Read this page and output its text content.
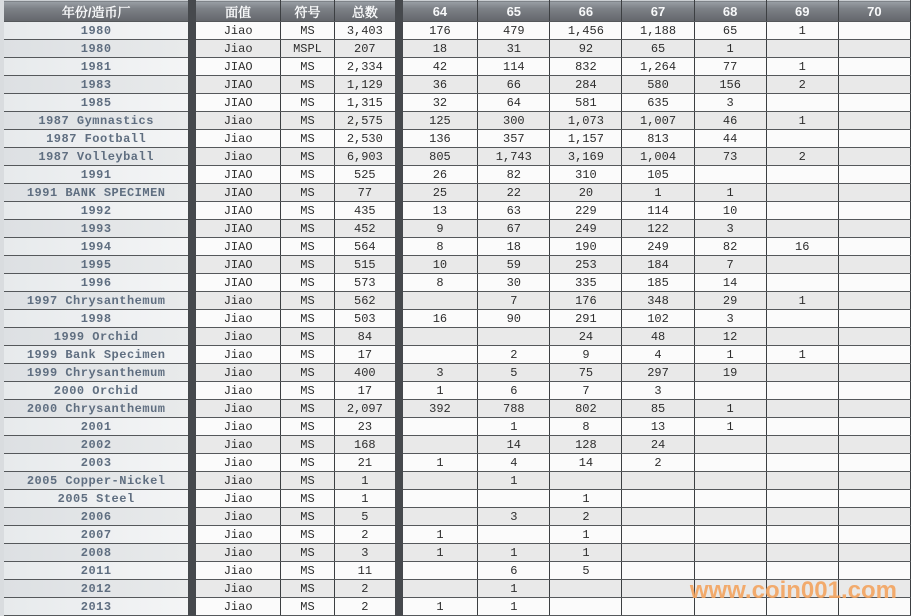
年份/造币厂	面值	符号	总数	64	65	66	67	68	69	70
1980	Jiao	MS	3,403	176	479	1,456	1,188	65	1	
1980	Jiao	MSPL	207	18	31	92	65	1		
1981	JIAO	MS	2,334	42	114	832	1,264	77	1	
1983	JIAO	MS	1,129	36	66	284	580	156	2	
1985	JIAO	MS	1,315	32	64	581	635	3		
1987 Gymnastics	Jiao	MS	2,575	125	300	1,073	1,007	46	1	
1987 Football	Jiao	MS	2,530	136	357	1,157	813	44		
1987 Volleyball	Jiao	MS	6,903	805	1,743	3,169	1,004	73	2	
1991	JIAO	MS	525	26	82	310	105			
1991 BANK SPECIMEN	JIAO	MS	77	25	22	20	1	1		
1992	JIAO	MS	435	13	63	229	114	10		
1993	JIAO	MS	452	9	67	249	122	3		
1994	JIAO	MS	564	8	18	190	249	82	16	
1995	JIAO	MS	515	10	59	253	184	7		
1996	JIAO	MS	573	8	30	335	185	14		
1997 Chrysanthemum	Jiao	MS	562		7	176	348	29	1	
1998	Jiao	MS	503	16	90	291	102	3		
1999 Orchid	Jiao	MS	84			24	48	12		
1999 Bank Specimen	Jiao	MS	17		2	9	4	1	1	
1999 Chrysanthemum	Jiao	MS	400	3	5	75	297	19		
2000 Orchid	Jiao	MS	17	1	6	7	3			
2000 Chrysanthemum	Jiao	MS	2,097	392	788	802	85	1		
2001	Jiao	MS	23		1	8	13	1		
2002	Jiao	MS	168		14	128	24			
2003	Jiao	MS	21	1	4	14	2			
2005 Copper-Nickel	Jiao	MS	1		1					
2005 Steel	Jiao	MS	1			1				
2006	Jiao	MS	5		3	2				
2007	Jiao	MS	2	1		1				
2008	Jiao	MS	3	1	1	1				
2011	Jiao	MS	11		6	5				
2012	Jiao	MS	2		1					
2013	Jiao	MS	2	1	1					
www.coin001.com
